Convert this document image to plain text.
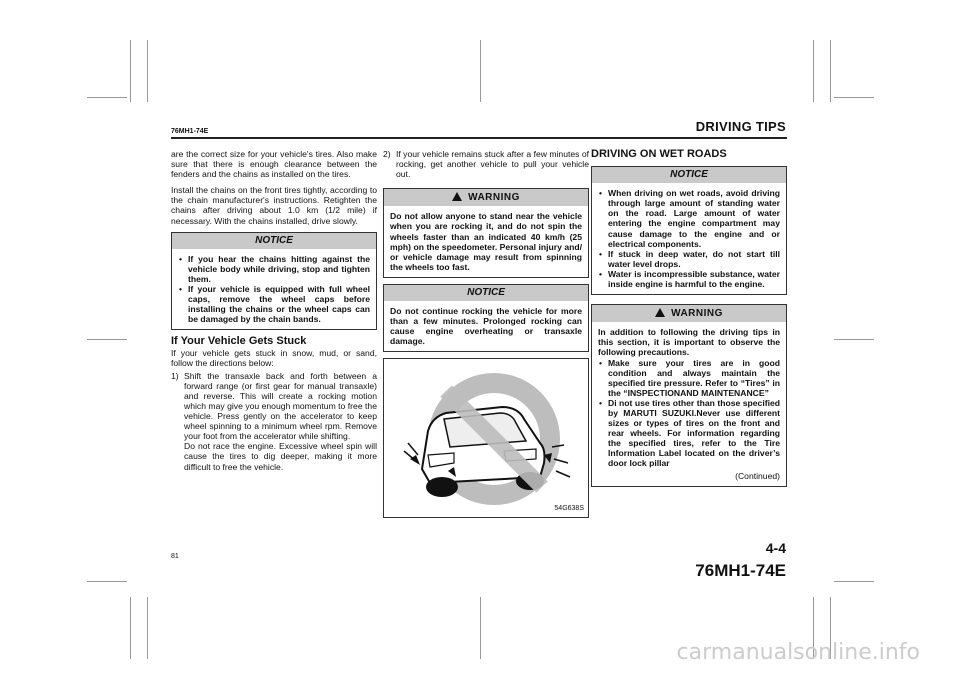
76MH1-74E	DRIVING TIPS

are the correct size for your vehicle's tires. Also make sure that there is enough clearance between the fenders and the chains as installed on the tires.

Install the chains on the front tires tightly, according to the chain manufacturer's instructions. Retighten the chains after driving about 1.0 km (1/2 mile) if necessary. With the chains installed, drive slowly.

NOTICE
• If you hear the chains hitting against the vehicle body while driving, stop and tighten them.
• If your vehicle is equipped with full wheel caps, remove the wheel caps before installing the chains or the wheel caps can be damaged by the chain bands.
If Your Vehicle Gets Stuck
If your vehicle gets stuck in snow, mud, or sand, follow the directions below:
1) Shift the transaxle back and forth between a forward range (or first gear for manual transaxle) and reverse. This will create a rocking motion which may give you enough momentum to free the vehicle. Press gently on the accelerator to keep wheel spinning to a minimum wheel rpm. Remove your foot from the accelerator while shifting.
Do not race the engine. Excessive wheel spin will cause the tires to dig deeper, making it more difficult to free the vehicle.
2) If your vehicle remains stuck after a few minutes of rocking, get another vehicle to pull your vehicle out.
WARNING
Do not allow anyone to stand near the vehicle when you are rocking it, and do not spin the wheels faster than an indicated 40 km/h (25 mph) on the speedometer. Personal injury and/ or vehicle damage may result from spinning the wheels too fast.
NOTICE
Do not continue rocking the vehicle for more than a few minutes. Prolonged rocking can cause engine overheating or transaxle damage.
54G638S
DRIVING ON WET ROADS
NOTICE
• When driving on wet roads, avoid driving through large amount of standing water on the road. Large amount of water entering the engine compartment may cause damage to the engine and or electrical components.
• If stuck in deep water, do not start till water level drops.
• Water is incompressible substance, water inside engine is harmful to the engine.
WARNING
In addition to following the driving tips in this section, it is important to observe the following precautions.
• Make sure your tires are in good condition and always maintain the specified tire pressure. Refer to “Tires” in the “INSPECTIONAND MAINTENANCE”
• Di not use tires other than those specified by MARUTI SUZUKI.Never use different sizes or types of tires on the front and rear wheels. For information regarding the specified tires, refer to the Tire Information Label located on the driver’s door lock pillar
(Continued)
81
4-4
76MH1-74E
carmanualsonline.info
